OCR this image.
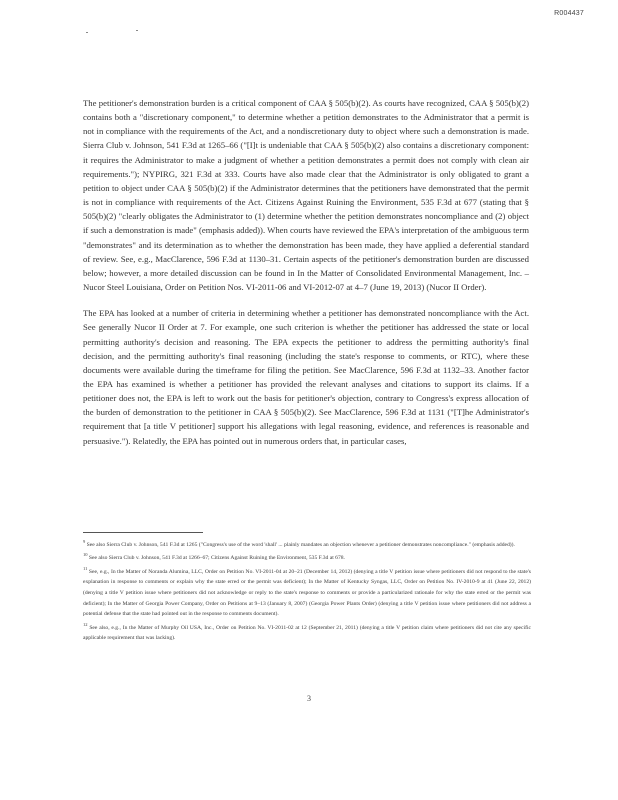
R004437

The petitioner's demonstration burden is a critical component of CAA § 505(b)(2). As courts have recognized, CAA § 505(b)(2) contains both a "discretionary component," to determine whether a petition demonstrates to the Administrator that a permit is not in compliance with the requirements of the Act, and a nondiscretionary duty to object where such a demonstration is made. Sierra Club v. Johnson, 541 F.3d at 1265–66 ("[I]t is undeniable that CAA § 505(b)(2) also contains a discretionary component: it requires the Administrator to make a judgment of whether a petition demonstrates a permit does not comply with clean air requirements."); NYPIRG, 321 F.3d at 333. Courts have also made clear that the Administrator is only obligated to grant a petition to object under CAA § 505(b)(2) if the Administrator determines that the petitioners have demonstrated that the permit is not in compliance with requirements of the Act. Citizens Against Ruining the Environment, 535 F.3d at 677 (stating that § 505(b)(2) "clearly obligates the Administrator to (1) determine whether the petition demonstrates noncompliance and (2) object if such a demonstration is made" (emphasis added)). When courts have reviewed the EPA's interpretation of the ambiguous term "demonstrates" and its determination as to whether the demonstration has been made, they have applied a deferential standard of review. See, e.g., MacClarence, 596 F.3d at 1130–31. Certain aspects of the petitioner's demonstration burden are discussed below; however, a more detailed discussion can be found in In the Matter of Consolidated Environmental Management, Inc. – Nucor Steel Louisiana, Order on Petition Nos. VI-2011-06 and VI-2012-07 at 4–7 (June 19, 2013) (Nucor II Order).

The EPA has looked at a number of criteria in determining whether a petitioner has demonstrated noncompliance with the Act. See generally Nucor II Order at 7. For example, one such criterion is whether the petitioner has addressed the state or local permitting authority's decision and reasoning. The EPA expects the petitioner to address the permitting authority's final decision, and the permitting authority's final reasoning (including the state's response to comments, or RTC), where these documents were available during the timeframe for filing the petition. See MacClarence, 596 F.3d at 1132–33. Another factor the EPA has examined is whether a petitioner has provided the relevant analyses and citations to support its claims. If a petitioner does not, the EPA is left to work out the basis for petitioner's objection, contrary to Congress's express allocation of the burden of demonstration to the petitioner in CAA § 505(b)(2). See MacClarence, 596 F.3d at 1131 ("[T]he Administrator's requirement that [a title V petitioner] support his allegations with legal reasoning, evidence, and references is reasonable and persuasive."). Relatedly, the EPA has pointed out in numerous orders that, in particular cases,

$^9$ See also Sierra Club v. Johnson, 541 F.3d at 1265 ("Congress's use of the word 'shall' ... plainly mandates an objection whenever a petitioner demonstrates noncompliance." (emphasis added)).

$^{10}$ See also Sierra Club v. Johnson, 541 F.3d at 1266–67; Citizens Against Ruining the Environment, 535 F.3d at 678.

$^{11}$ See, e.g., In the Matter of Noranda Alumina, LLC, Order on Petition No. VI-2011-04 at 20–21 (December 14, 2012) (denying a title V petition issue where petitioners did not respond to the state's explanation in response to comments or explain why the state erred or the permit was deficient); In the Matter of Kentucky Syngas, LLC, Order on Petition No. IV-2010-9 at 41 (June 22, 2012) (denying a title V petition issue where petitioners did not acknowledge or reply to the state's response to comments or provide a particularized rationale for why the state erred or the permit was deficient); In the Matter of Georgia Power Company, Order on Petitions at 9–13 (January 8, 2007) (Georgia Power Plants Order) (denying a title V petition issue where petitioners did not address a potential defense that the state had pointed out in the response to comments document).

$^{12}$ See also, e.g., In the Matter of Murphy Oil USA, Inc., Order on Petition No. VI-2011-02 at 12 (September 21, 2011) (denying a title V petition claim where petitioners did not cite any specific applicable requirement that was lacking).

3
